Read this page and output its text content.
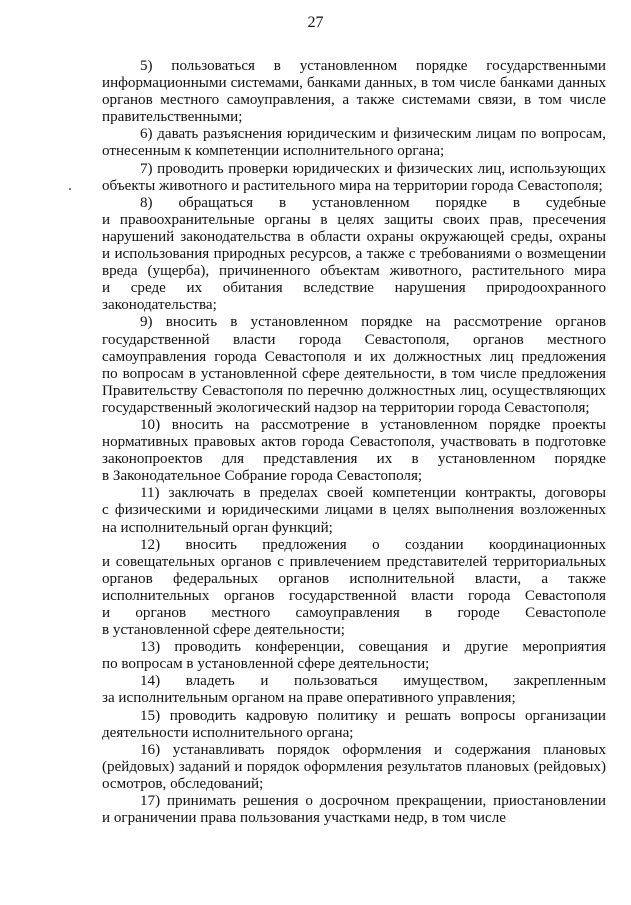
27
5) пользоваться в установленном порядке государственными
информационными системами, банками данных, в том числе банками данных
органов местного самоуправления, а также системами связи, в том числе
правительственными;
6) давать разъяснения юридическим и физическим лицам по вопросам,
отнесенным к компетенции исполнительного органа;
7) проводить проверки юридических и физических лиц, использующих
объекты животного и растительного мира на территории города Севастополя;
8) обращаться в установленном порядке в судебные
и правоохранительные органы в целях защиты своих прав, пресечения
нарушений законодательства в области охраны окружающей среды, охраны
и использования природных ресурсов, а также с требованиями о возмещении
вреда (ущерба), причиненного объектам животного, растительного мира
и среде их обитания вследствие нарушения природоохранного
законодательства;
9) вносить в установленном порядке на рассмотрение органов
государственной власти города Севастополя, органов местного
самоуправления города Севастополя и их должностных лиц предложения
по вопросам в установленной сфере деятельности, в том числе предложения
Правительству Севастополя по перечню должностных лиц, осуществляющих
государственный экологический надзор на территории города Севастополя;
10) вносить на рассмотрение в установленном порядке проекты
нормативных правовых актов города Севастополя, участвовать в подготовке
законопроектов для представления их в установленном порядке
в Законодательное Собрание города Севастополя;
11) заключать в пределах своей компетенции контракты, договоры
с физическими и юридическими лицами в целях выполнения возложенных
на исполнительный орган функций;
12) вносить предложения о создании координационных
и совещательных органов с привлечением представителей территориальных
органов федеральных органов исполнительной власти, а также
исполнительных органов государственной власти города Севастополя
и органов местного самоуправления в городе Севастополе
в установленной сфере деятельности;
13) проводить конференции, совещания и другие мероприятия
по вопросам в установленной сфере деятельности;
14) владеть и пользоваться имуществом, закрепленным
за исполнительным органом на праве оперативного управления;
15) проводить кадровую политику и решать вопросы организации
деятельности исполнительного органа;
16) устанавливать порядок оформления и содержания плановых
(рейдовых) заданий и порядок оформления результатов плановых (рейдовых)
осмотров, обследований;
17) принимать решения о досрочном прекращении, приостановлении
и ограничении права пользования участками недр, в том числе
